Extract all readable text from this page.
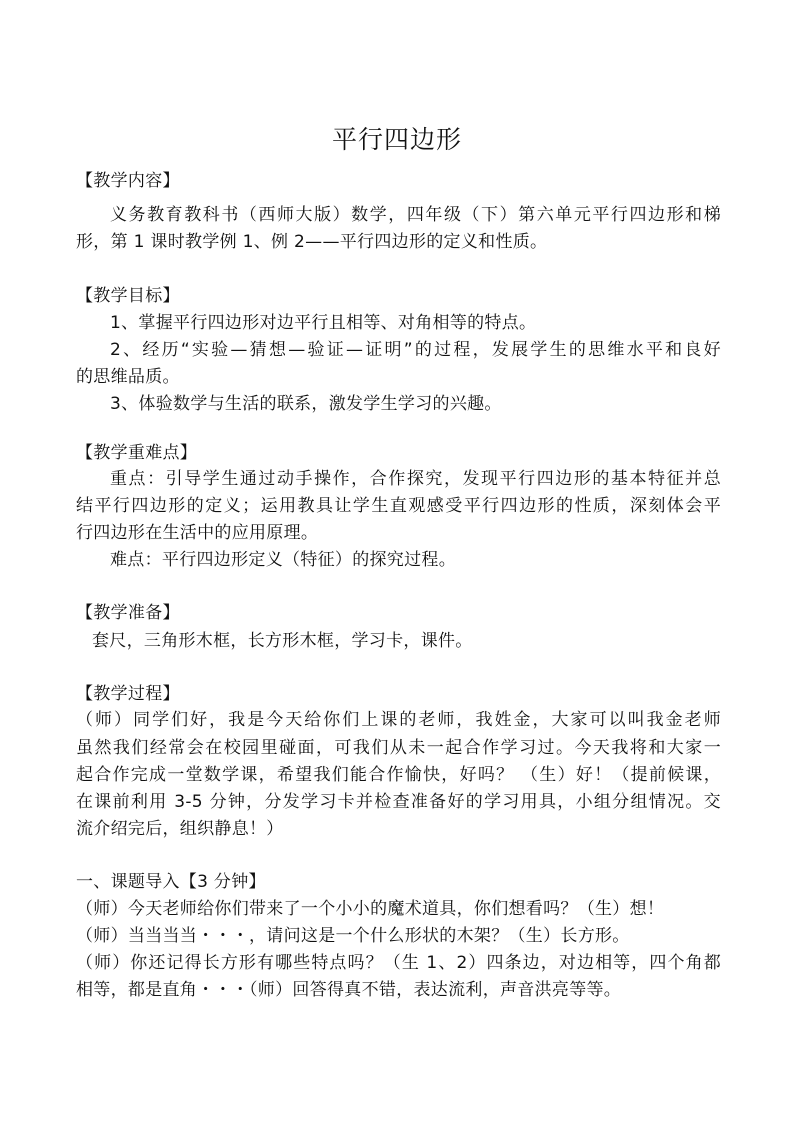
平行四边形
【教学内容】
义务教育教科书（西师大版）数学，四年级（下）第六单元平行四边形和梯
形，第 1 课时教学例 1、例 2——平行四边形的定义和性质。
【教学目标】
1、掌握平行四边形对边平行且相等、对角相等的特点。
2、经历“实验—猜想—验证—证明”的过程，发展学生的思维水平和良好
的思维品质。
3、体验数学与生活的联系，激发学生学习的兴趣。
【教学重难点】
重点：引导学生通过动手操作，合作探究，发现平行四边形的基本特征并总
结平行四边形的定义；运用教具让学生直观感受平行四边形的性质，深刻体会平
行四边形在生活中的应用原理。
难点：平行四边形定义（特征）的探究过程。
【教学准备】
套尺，三角形木框，长方形木框，学习卡，课件。
【教学过程】
（师）同学们好，我是今天给你们上课的老师，我姓金，大家可以叫我金老师
虽然我们经常会在校园里碰面，可我们从未一起合作学习过。今天我将和大家一
起合作完成一堂数学课，希望我们能合作愉快，好吗？ （生）好！（提前候课，
在课前利用 3-5 分钟，分发学习卡并检查准备好的学习用具，小组分组情况。交
流介绍完后，组织静息！）
一、课题导入【3 分钟】
（师）今天老师给你们带来了一个小小的魔术道具，你们想看吗？（生）想！
（师）当当当当・・・，请问这是一个什么形状的木架？（生）长方形。
（师）你还记得长方形有哪些特点吗？（生 1、2）四条边，对边相等，四个角都
相等，都是直角・・・（师）回答得真不错，表达流利，声音洪亮等等。
